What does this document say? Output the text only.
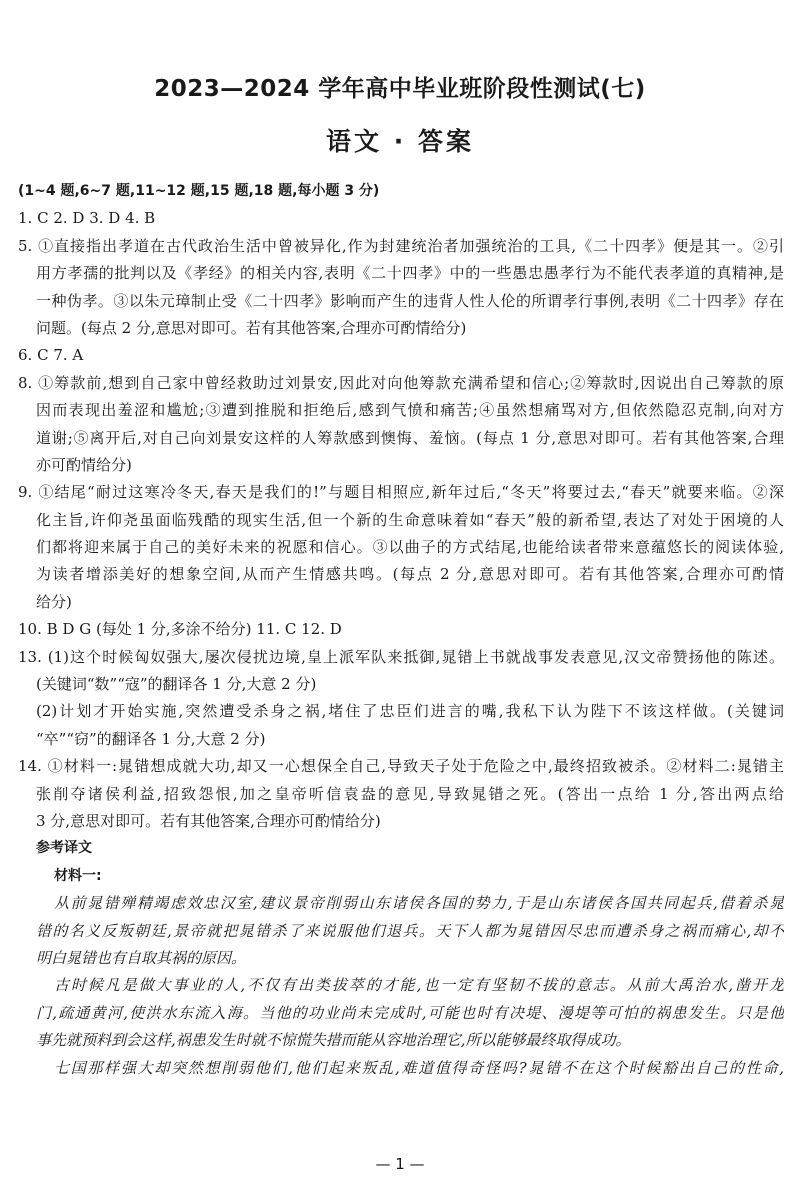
2023—2024 学年高中毕业班阶段性测试(七)
语文 · 答案
(1~4 题,6~7 题,11~12 题,15 题,18 题,每小题 3 分)
1. C 2. D 3. D 4. B
5. ①直接指出孝道在古代政治生活中曾被异化,作为封建统治者加强统治的工具,《二十四孝》便是其一。②引
用方孝孺的批判以及《孝经》的相关内容,表明《二十四孝》中的一些愚忠愚孝行为不能代表孝道的真精神,是
一种伪孝。③以朱元璋制止受《二十四孝》影响而产生的违背人性人伦的所谓孝行事例,表明《二十四孝》存在
问题。(每点 2 分,意思对即可。若有其他答案,合理亦可酌情给分)
6. C 7. A
8. ①筹款前,想到自己家中曾经救助过刘景安,因此对向他筹款充满希望和信心;②筹款时,因说出自己筹款的原
因而表现出羞涩和尴尬;③遭到推脱和拒绝后,感到气愤和痛苦;④虽然想痛骂对方,但依然隐忍克制,向对方
道谢;⑤离开后,对自己向刘景安这样的人筹款感到懊悔、羞恼。(每点 1 分,意思对即可。若有其他答案,合理
亦可酌情给分)
9. ①结尾“耐过这寒冷冬天,春天是我们的!”与题目相照应,新年过后,“冬天”将要过去,“春天”就要来临。②深
化主旨,许仰尧虽面临残酷的现实生活,但一个新的生命意味着如“春天”般的新希望,表达了对处于困境的人
们都将迎来属于自己的美好未来的祝愿和信心。③以曲子的方式结尾,也能给读者带来意蕴悠长的阅读体验,
为读者增添美好的想象空间,从而产生情感共鸣。(每点 2 分,意思对即可。若有其他答案,合理亦可酌情
给分)
10. B D G (每处 1 分,多涂不给分) 11. C 12. D
13. (1)这个时候匈奴强大,屡次侵扰边境,皇上派军队来抵御,晁错上书就战事发表意见,汉文帝赞扬他的陈述。
(关键词“数”“寇”的翻译各 1 分,大意 2 分)
(2)计划才开始实施,突然遭受杀身之祸,堵住了忠臣们进言的嘴,我私下认为陛下不该这样做。(关键词
“卒”“窃”的翻译各 1 分,大意 2 分)
14. ①材料一:晁错想成就大功,却又一心想保全自己,导致天子处于危险之中,最终招致被杀。②材料二:晁错主
张削夺诸侯利益,招致怨恨,加之皇帝听信袁盎的意见,导致晁错之死。(答出一点给 1 分,答出两点给
3 分,意思对即可。若有其他答案,合理亦可酌情给分)
参考译文
材料一:
从前晁错殚精竭虑效忠汉室,建议景帝削弱山东诸侯各国的势力,于是山东诸侯各国共同起兵,借着杀晁
错的名义反叛朝廷,景帝就把晁错杀了来说服他们退兵。天下人都为晁错因尽忠而遭杀身之祸而痛心,却不
明白晁错也有自取其祸的原因。
古时候凡是做大事业的人,不仅有出类拔萃的才能,也一定有坚韧不拔的意志。从前大禹治水,凿开龙
门,疏通黄河,使洪水东流入海。当他的功业尚未完成时,可能也时有决堤、漫堤等可怕的祸患发生。只是他
事先就预料到会这样,祸患发生时就不惊慌失措而能从容地治理它,所以能够最终取得成功。
七国那样强大却突然想削弱他们,他们起来叛乱,难道值得奇怪吗?晁错不在这个时候豁出自己的性命,
— 1 —
